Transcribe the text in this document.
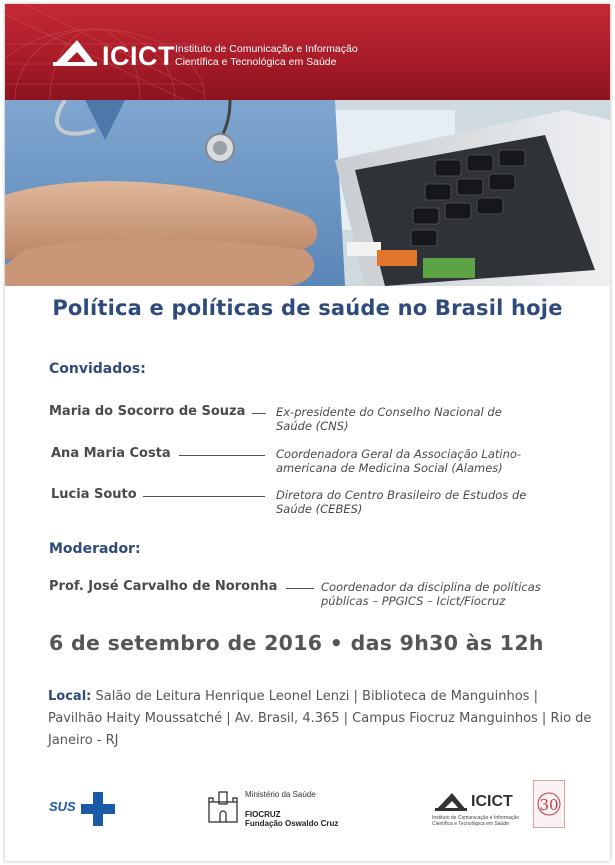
ICICT Instituto de Comunicação e Informação
Científica e Tecnológica em Saúde
Política e políticas de saúde no Brasil hoje
Convidados:
Maria do Socorro de Souza	Ex-presidente do Conselho Nacional de
Saúde (CNS)
Ana Maria Costa	Coordenadora Geral da Associação Latino-
americana de Medicina Social (Alames)
Lucia Souto	Diretora do Centro Brasileiro de Estudos de
Saúde (CEBES)
Moderador:
Prof. José Carvalho de Noronha	Coordenador da disciplina de políticas
públicas – PPGICS – Icict/Fiocruz
6 de setembro de 2016 • das 9h30 às 12h
Local: Salão de Leitura Henrique Leonel Lenzi | Biblioteca de Manguinhos | Pavilhão Haity Moussatché | Av. Brasil, 4.365 | Campus Fiocruz Manguinhos | Rio de Janeiro - RJ
SUS
Ministério da Saúde
FIOCRUZ
Fundação Oswaldo Cruz
ICICT
Instituto de Comunicação e Informação
Científica e Tecnológica em Saúde
30
